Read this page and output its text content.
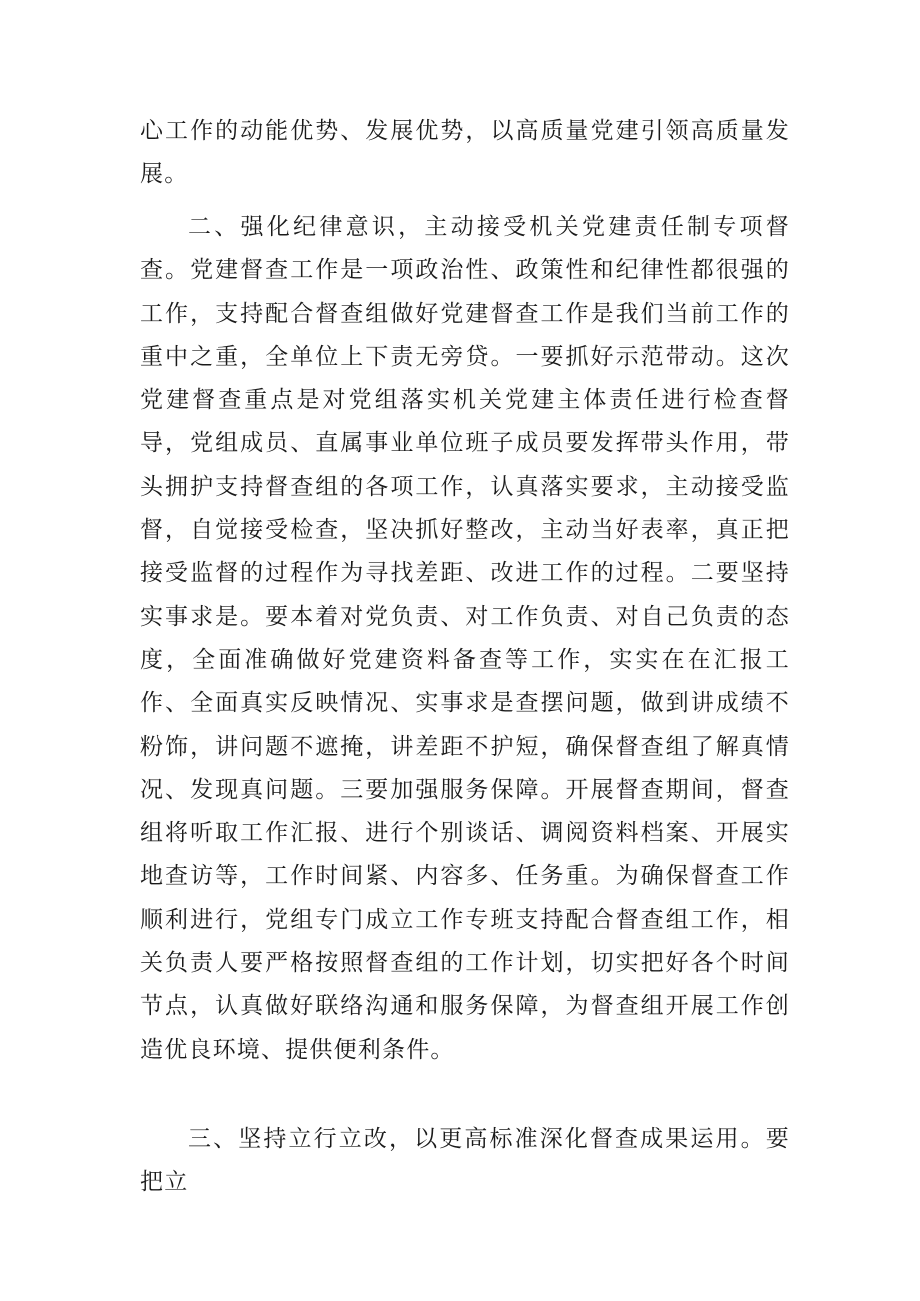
心工作的动能优势、发展优势，以高质量党建引领高质量发展。

二、强化纪律意识，主动接受机关党建责任制专项督查。党建督查工作是一项政治性、政策性和纪律性都很强的工作，支持配合督查组做好党建督查工作是我们当前工作的重中之重，全单位上下责无旁贷。一要抓好示范带动。这次党建督查重点是对党组落实机关党建主体责任进行检查督导，党组成员、直属事业单位班子成员要发挥带头作用，带头拥护支持督查组的各项工作，认真落实要求，主动接受监督，自觉接受检查，坚决抓好整改，主动当好表率，真正把接受监督的过程作为寻找差距、改进工作的过程。二要坚持实事求是。要本着对党负责、对工作负责、对自己负责的态度，全面准确做好党建资料备查等工作，实实在在汇报工作、全面真实反映情况、实事求是查摆问题，做到讲成绩不粉饰，讲问题不遮掩，讲差距不护短，确保督查组了解真情况、发现真问题。三要加强服务保障。开展督查期间，督查组将听取工作汇报、进行个别谈话、调阅资料档案、开展实地查访等，工作时间紧、内容多、任务重。为确保督查工作顺利进行，党组专门成立工作专班支持配合督查组工作，相关负责人要严格按照督查组的工作计划，切实把好各个时间节点，认真做好联络沟通和服务保障，为督查组开展工作创造优良环境、提供便利条件。

三、坚持立行立改，以更高标准深化督查成果运用。要把立
